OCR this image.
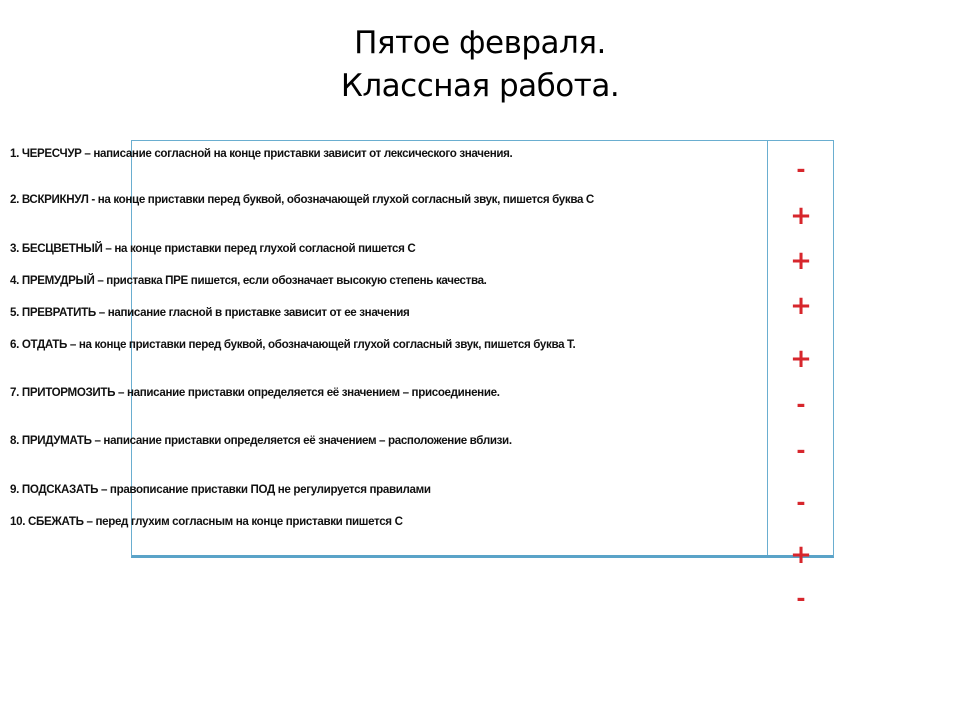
Пятое февраля.
Классная работа.
1. ЧЕРЕСЧУР – написание согласной на конце приставки зависит от лексического значения.
2. ВСКРИКНУЛ - на конце приставки перед буквой, обозначающей глухой согласный звук, пишется буква С
3. БЕСЦВЕТНЫЙ – на конце приставки перед глухой согласной пишется С
4. ПРЕМУДРЫЙ – приставка ПРЕ пишется, если обозначает высокую степень качества.
5. ПРЕВРАТИТЬ – написание гласной в приставке зависит от ее значения
6. ОТДАТЬ – на конце приставки перед буквой, обозначающей глухой согласный звук, пишется буква Т.
7. ПРИТОРМОЗИТЬ – написание приставки определяется её значением – присоединение.
8. ПРИДУМАТЬ – написание приставки определяется её значением – расположение вблизи.
9. ПОДСКАЗАТЬ – правописание приставки ПОД не регулируется правилами
10. СБЕЖАТЬ – перед глухим согласным на конце приставки пишется С
-
+
+
+
+
-
-
-
+
-
